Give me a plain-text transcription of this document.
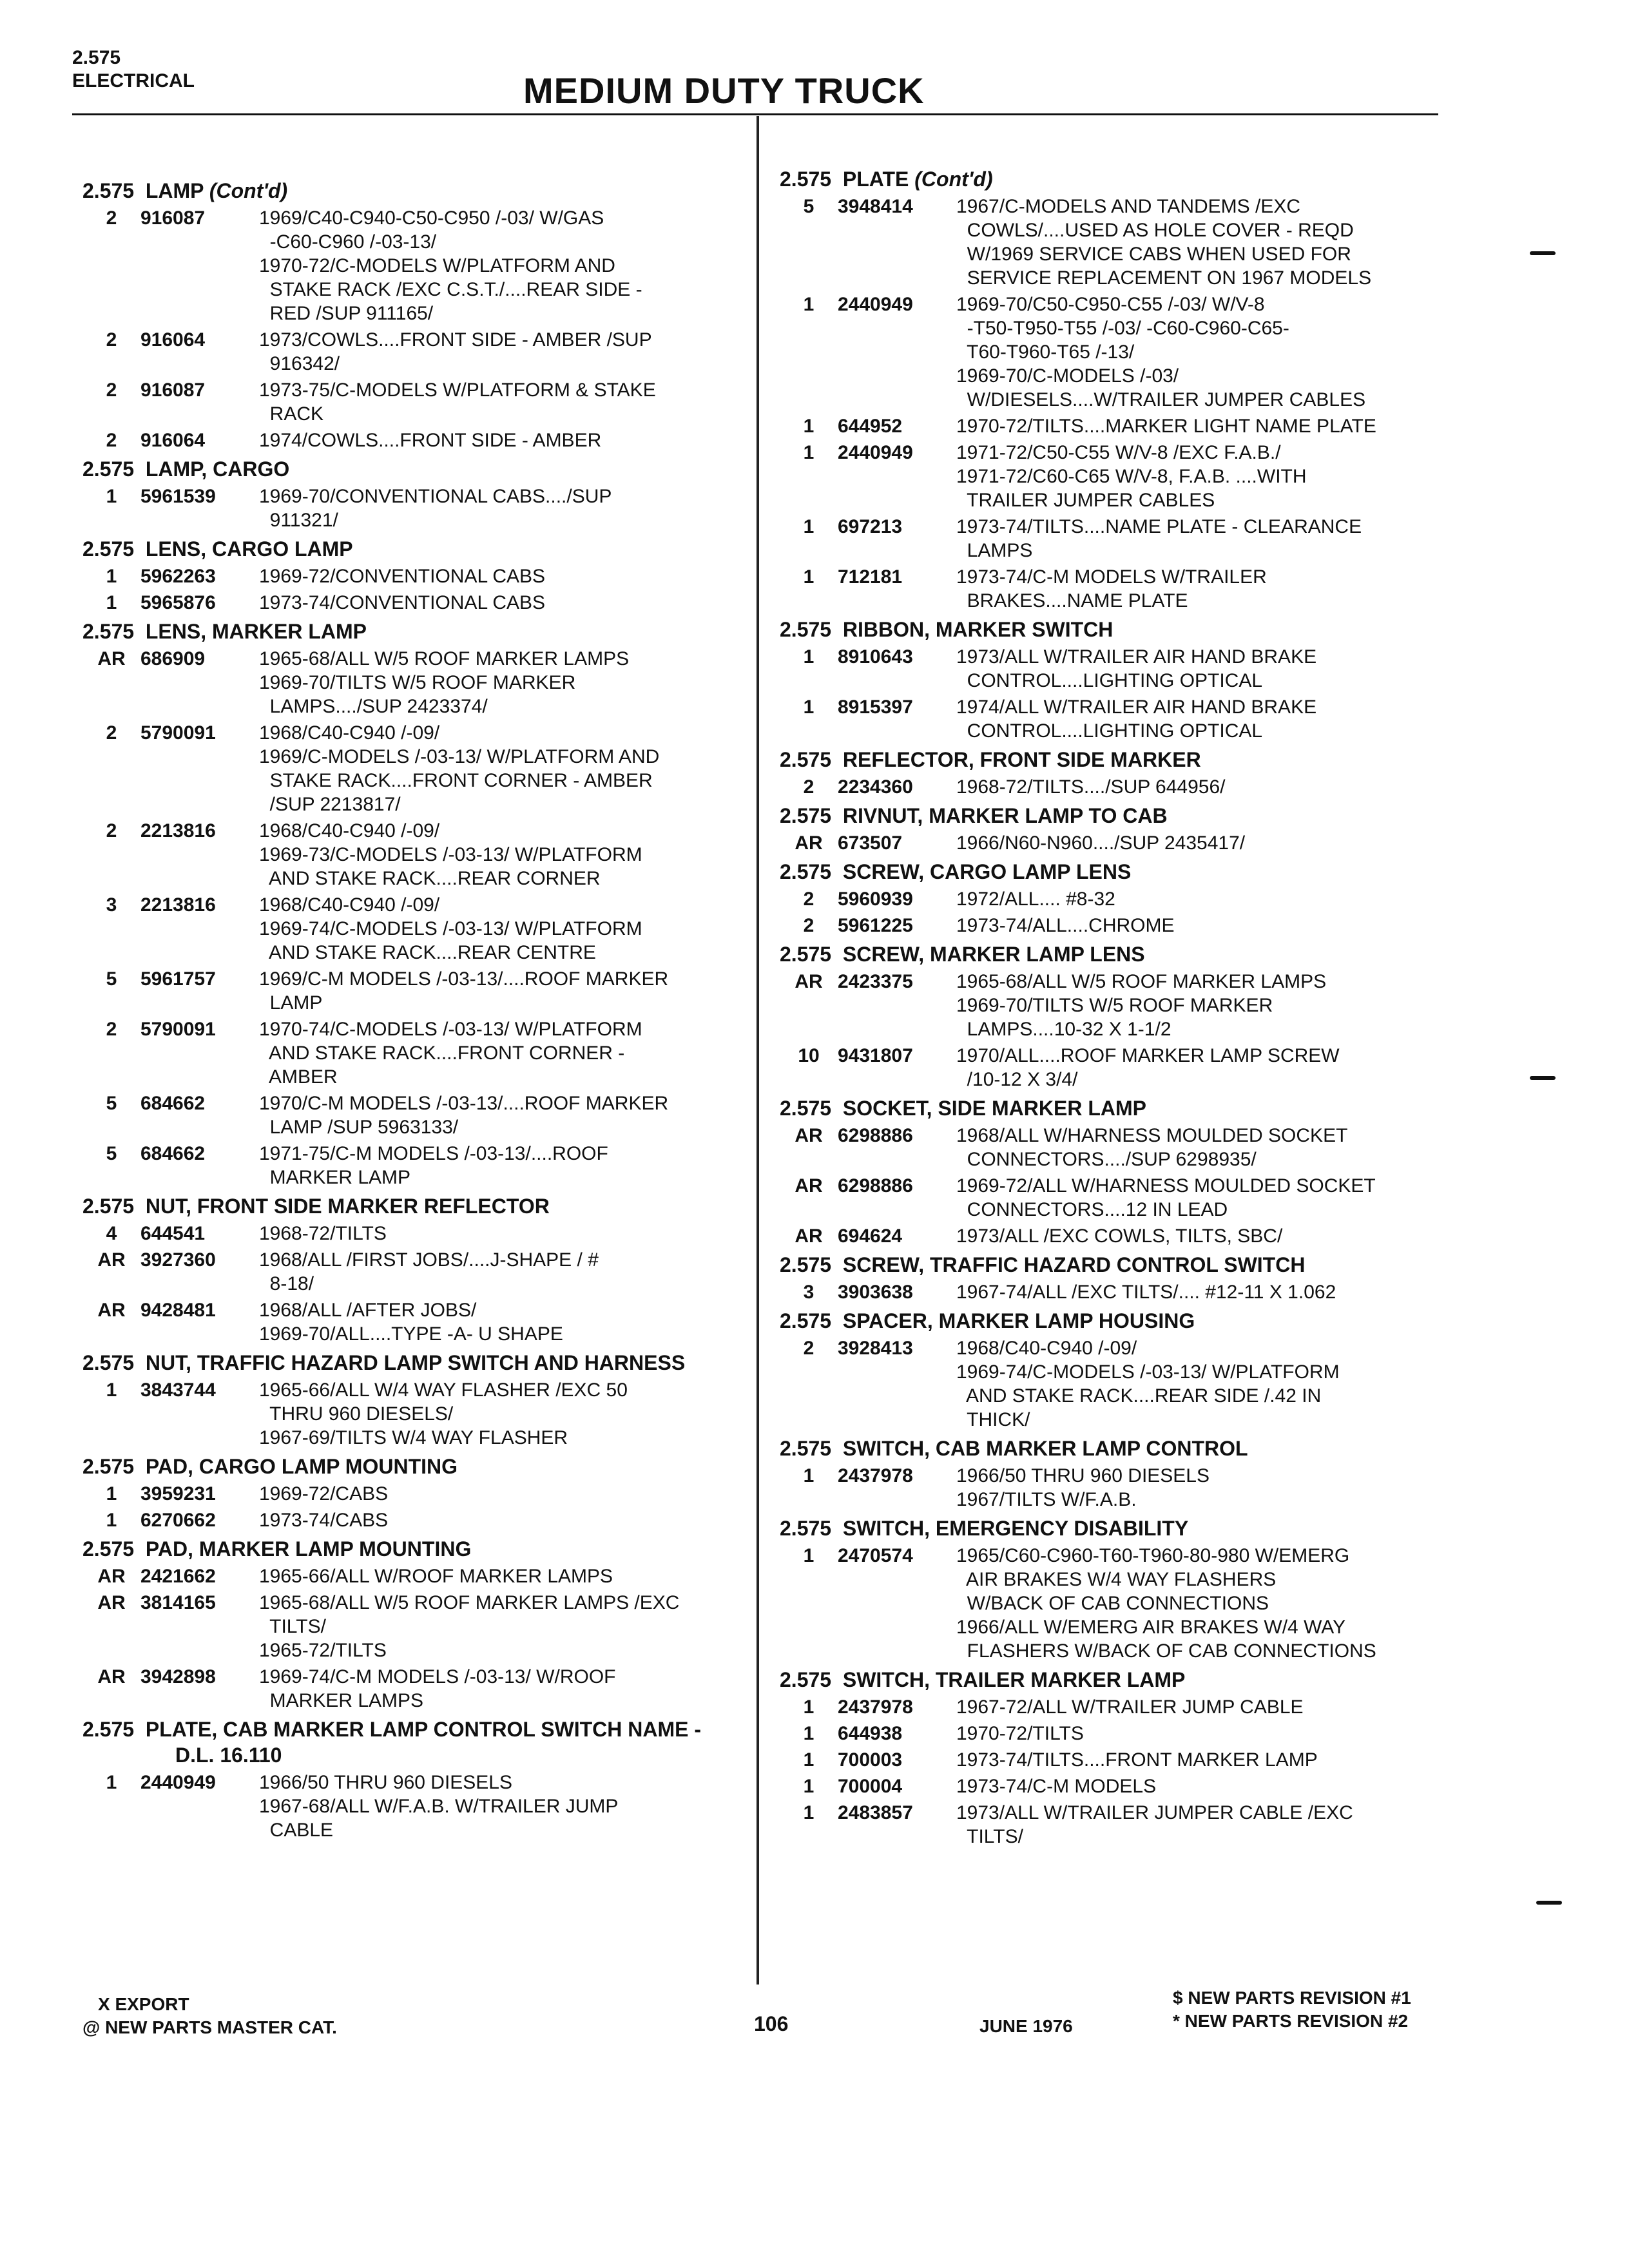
2.575
ELECTRICAL	MEDIUM DUTY TRUCK
2.575  LAMP (Cont'd)
2	916087	1969/C40-C940-C50-C950 /-03/ W/GAS
-C60-C960 /-03-13/
1970-72/C-MODELS W/PLATFORM AND
STAKE RACK /EXC C.S.T./....REAR SIDE -
RED /SUP 911165/
2	916064	1973/COWLS....FRONT SIDE - AMBER /SUP
916342/
2	916087	1973-75/C-MODELS W/PLATFORM & STAKE
RACK
2	916064	1974/COWLS....FRONT SIDE - AMBER
2.575  LAMP, CARGO
1	5961539	1969-70/CONVENTIONAL CABS..../SUP
911321/
2.575  LENS, CARGO LAMP
1	5962263	1969-72/CONVENTIONAL CABS
1	5965876	1973-74/CONVENTIONAL CABS
2.575  LENS, MARKER LAMP
AR 686909	1965-68/ALL W/5 ROOF MARKER LAMPS
1969-70/TILTS W/5 ROOF MARKER
LAMPS..../SUP 2423374/
2	5790091	1968/C40-C940 /-09/
1969/C-MODELS /-03-13/ W/PLATFORM AND
STAKE RACK....FRONT CORNER - AMBER
/SUP 2213817/
2	2213816	1968/C40-C940 /-09/
1969-73/C-MODELS /-03-13/ W/PLATFORM
AND STAKE RACK....REAR CORNER
3	2213816	1968/C40-C940 /-09/
1969-74/C-MODELS /-03-13/ W/PLATFORM
AND STAKE RACK....REAR CENTRE
5	5961757	1969/C-M MODELS /-03-13/....ROOF MARKER
LAMP
2	5790091	1970-74/C-MODELS /-03-13/ W/PLATFORM
AND STAKE RACK....FRONT CORNER -
AMBER
5	684662	1970/C-M MODELS /-03-13/....ROOF MARKER
LAMP /SUP 5963133/
5	684662	1971-75/C-M MODELS /-03-13/....ROOF
MARKER LAMP
2.575  NUT, FRONT SIDE MARKER REFLECTOR
4	644541	1968-72/TILTS
AR 3927360	1968/ALL /FIRST JOBS/....J-SHAPE / #
8-18/
AR 9428481	1968/ALL /AFTER JOBS/
1969-70/ALL....TYPE -A- U SHAPE
2.575  NUT, TRAFFIC HAZARD LAMP SWITCH AND HARNESS
1	3843744	1965-66/ALL W/4 WAY FLASHER /EXC 50
THRU 960 DIESELS/
1967-69/TILTS W/4 WAY FLASHER
2.575  PAD, CARGO LAMP MOUNTING
1	3959231	1969-72/CABS
1	6270662	1973-74/CABS
2.575  PAD, MARKER LAMP MOUNTING
AR 2421662	1965-66/ALL W/ROOF MARKER LAMPS
AR 3814165	1965-68/ALL W/5 ROOF MARKER LAMPS /EXC
TILTS/
1965-72/TILTS
AR 3942898	1969-74/C-M MODELS /-03-13/ W/ROOF
MARKER LAMPS
2.575  PLATE, CAB MARKER LAMP CONTROL SWITCH NAME - D.L. 16.110
1	2440949	1966/50 THRU 960 DIESELS
1967-68/ALL W/F.A.B. W/TRAILER JUMP
CABLE
2.575  PLATE (Cont'd)
5	3948414	1967/C-MODELS AND TANDEMS /EXC
COWLS/....USED AS HOLE COVER - REQD
W/1969 SERVICE CABS WHEN USED FOR
SERVICE REPLACEMENT ON 1967 MODELS
1	2440949	1969-70/C50-C950-C55 /-03/ W/V-8
-T50-T950-T55 /-03/ -C60-C960-C65-
T60-T960-T65 /-13/
1969-70/C-MODELS /-03/
W/DIESELS....W/TRAILER JUMPER CABLES
1	644952	1970-72/TILTS....MARKER LIGHT NAME PLATE
1	2440949	1971-72/C50-C55 W/V-8 /EXC F.A.B./
1971-72/C60-C65 W/V-8, F.A.B. ....WITH
TRAILER JUMPER CABLES
1	697213	1973-74/TILTS....NAME PLATE - CLEARANCE
LAMPS
1	712181	1973-74/C-M MODELS W/TRAILER
BRAKES....NAME PLATE
2.575  RIBBON, MARKER SWITCH
1	8910643	1973/ALL W/TRAILER AIR HAND BRAKE
CONTROL....LIGHTING OPTICAL
1	8915397	1974/ALL W/TRAILER AIR HAND BRAKE
CONTROL....LIGHTING OPTICAL
2.575  REFLECTOR, FRONT SIDE MARKER
2	2234360	1968-72/TILTS..../SUP 644956/
2.575  RIVNUT, MARKER LAMP TO CAB
AR 673507	1966/N60-N960..../SUP 2435417/
2.575  SCREW, CARGO LAMP LENS
2	5960939	1972/ALL.... #8-32
2	5961225	1973-74/ALL....CHROME
2.575  SCREW, MARKER LAMP LENS
AR 2423375	1965-68/ALL W/5 ROOF MARKER LAMPS
1969-70/TILTS W/5 ROOF MARKER
LAMPS....10-32 X 1-1/2
10 9431807	1970/ALL....ROOF MARKER LAMP SCREW
/10-12 X 3/4/
2.575  SOCKET, SIDE MARKER LAMP
AR 6298886	1968/ALL W/HARNESS MOULDED SOCKET
CONNECTORS..../SUP 6298935/
AR 6298886	1969-72/ALL W/HARNESS MOULDED SOCKET
CONNECTORS....12 IN LEAD
AR 694624	1973/ALL /EXC COWLS, TILTS, SBC/
2.575  SCREW, TRAFFIC HAZARD CONTROL SWITCH
3	3903638	1967-74/ALL /EXC TILTS/.... #12-11 X 1.062
2.575  SPACER, MARKER LAMP HOUSING
2	3928413	1968/C40-C940 /-09/
1969-74/C-MODELS /-03-13/ W/PLATFORM
AND STAKE RACK....REAR SIDE /.42 IN
THICK/
2.575  SWITCH, CAB MARKER LAMP CONTROL
1	2437978	1966/50 THRU 960 DIESELS
1967/TILTS W/F.A.B.
2.575  SWITCH, EMERGENCY DISABILITY
1	2470574	1965/C60-C960-T60-T960-80-980 W/EMERG
AIR BRAKES W/4 WAY FLASHERS
W/BACK OF CAB CONNECTIONS
1966/ALL W/EMERG AIR BRAKES W/4 WAY
FLASHERS W/BACK OF CAB CONNECTIONS
2.575  SWITCH, TRAILER MARKER LAMP
1	2437978	1967-72/ALL W/TRAILER JUMP CABLE
1	644938	1970-72/TILTS
1	700003	1973-74/TILTS....FRONT MARKER LAMP
1	700004	1973-74/C-M MODELS
1	2483857	1973/ALL W/TRAILER JUMPER CABLE /EXC
TILTS/
X EXPORT
@ NEW PARTS MASTER CAT.	106	JUNE 1976
$ NEW PARTS REVISION #1
* NEW PARTS REVISION #2
